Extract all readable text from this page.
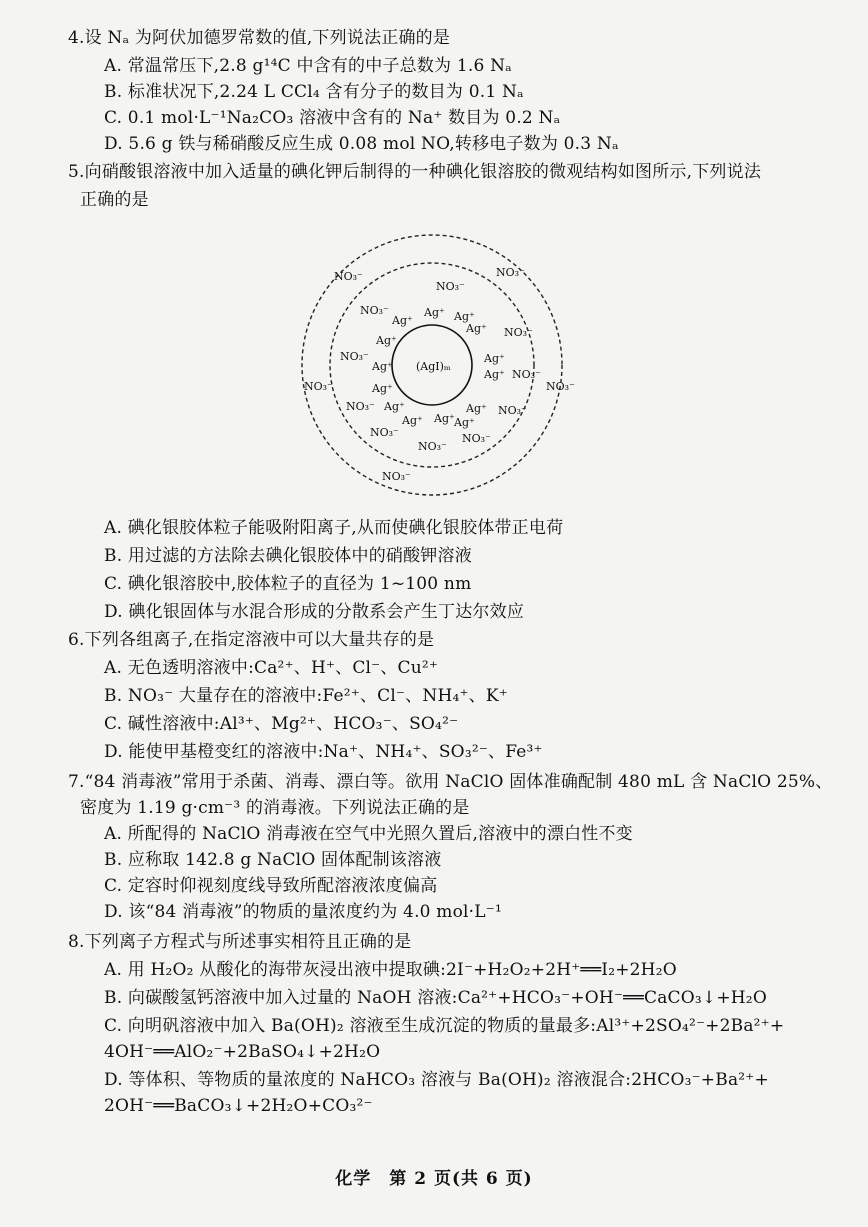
4.设 Nₐ 为阿伏加德罗常数的值,下列说法正确的是
A. 常温常压下,2.8 g¹⁴C 中含有的中子总数为 1.6 Nₐ
B. 标准状况下,2.24 L CCl₄ 含有分子的数目为 0.1 Nₐ
C. 0.1 mol·L⁻¹Na₂CO₃ 溶液中含有的 Na⁺ 数目为 0.2 Nₐ
D. 5.6 g 铁与稀硝酸反应生成 0.08 mol NO,转移电子数为 0.3 Nₐ
5.向硝酸银溶液中加入适量的碘化钾后制得的一种碘化银溶胶的微观结构如图所示,下列说法
正确的是
(AgI)ₘ
Ag⁺
Ag⁺ Ag⁺
Ag⁺
Ag⁺
Ag⁺
Ag⁺
Ag⁺
Ag⁺
Ag⁺
Ag⁺
Ag⁺ Ag⁺ Ag⁺
NO₃⁻	NO₃⁻
NO₃⁻
NO₃⁻
NO₃⁻
NO₃⁻
NO₃⁻
NO₃⁻	NO₃⁻
NO₃⁻	NO₃⁻
NO₃⁻	NO₃⁻
NO₃⁻
NO₃⁻
A. 碘化银胶体粒子能吸附阳离子,从而使碘化银胶体带正电荷
B. 用过滤的方法除去碘化银胶体中的硝酸钾溶液
C. 碘化银溶胶中,胶体粒子的直径为 1~100 nm
D. 碘化银固体与水混合形成的分散系会产生丁达尔效应
6.下列各组离子,在指定溶液中可以大量共存的是
A. 无色透明溶液中:Ca²⁺、H⁺、Cl⁻、Cu²⁺
B. NO₃⁻ 大量存在的溶液中:Fe²⁺、Cl⁻、NH₄⁺、K⁺
C. 碱性溶液中:Al³⁺、Mg²⁺、HCO₃⁻、SO₄²⁻
D. 能使甲基橙变红的溶液中:Na⁺、NH₄⁺、SO₃²⁻、Fe³⁺
7.“84 消毒液”常用于杀菌、消毒、漂白等。欲用 NaClO 固体准确配制 480 mL 含 NaClO 25%、
密度为 1.19 g·cm⁻³ 的消毒液。下列说法正确的是
A. 所配得的 NaClO 消毒液在空气中光照久置后,溶液中的漂白性不变
B. 应称取 142.8 g NaClO 固体配制该溶液
C. 定容时仰视刻度线导致所配溶液浓度偏高
D. 该“84 消毒液”的物质的量浓度约为 4.0 mol·L⁻¹
8.下列离子方程式与所述事实相符且正确的是
A. 用 H₂O₂ 从酸化的海带灰浸出液中提取碘:2I⁻+H₂O₂+2H⁺══I₂+2H₂O
B. 向碳酸氢钙溶液中加入过量的 NaOH 溶液:Ca²⁺+HCO₃⁻+OH⁻══CaCO₃↓+H₂O
C. 向明矾溶液中加入 Ba(OH)₂ 溶液至生成沉淀的物质的量最多:Al³⁺+2SO₄²⁻+2Ba²⁺+
4OH⁻══AlO₂⁻+2BaSO₄↓+2H₂O
D. 等体积、等物质的量浓度的 NaHCO₃ 溶液与 Ba(OH)₂ 溶液混合:2HCO₃⁻+Ba²⁺+
2OH⁻══BaCO₃↓+2H₂O+CO₃²⁻
化学　第 2 页(共 6 页)
